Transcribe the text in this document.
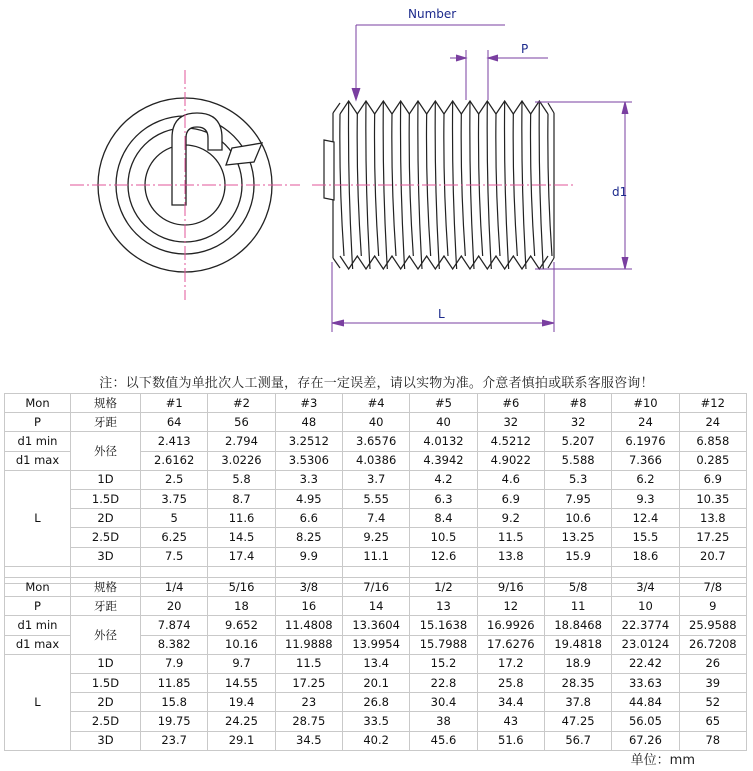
Number
P
d1
L
注：以下数值为单批次人工测量，存在一定误差，请以实物为准。介意者慎拍或联系客服咨询！
Mon	规格	#1	#2	#3	#4	#5	#6	#8	#10	#12
P	牙距	64	56	48	40	40	32	32	24	24
d1 min	外径	2.413	2.794	3.2512	3.6576	4.0132	4.5212	5.207	6.1976	6.858
d1 max		2.6162	3.0226	3.5306	4.0386	4.3942	4.9022	5.588	7.366	0.285
L	1D	2.5	5.8	3.3	3.7	4.2	4.6	5.3	6.2	6.9
	1.5D	3.75	8.7	4.95	5.55	6.3	6.9	7.95	9.3	10.35
	2D	5	11.6	6.6	7.4	8.4	9.2	10.6	12.4	13.8
	2.5D	6.25	14.5	8.25	9.25	10.5	11.5	13.25	15.5	17.25
	3D	7.5	17.4	9.9	11.1	12.6	13.8	15.9	18.6	20.7

Mon	规格	1/4	5/16	3/8	7/16	1/2	9/16	5/8	3/4	7/8
P	牙距	20	18	16	14	13	12	11	10	9
d1 min	外径	7.874	9.652	11.4808	13.3604	15.1638	16.9926	18.8468	22.3774	25.9588
d1 max		8.382	10.16	11.9888	13.9954	15.7988	17.6276	19.4818	23.0124	26.7208
L	1D	7.9	9.7	11.5	13.4	15.2	17.2	18.9	22.42	26
	1.5D	11.85	14.55	17.25	20.1	22.8	25.8	28.35	33.63	39
	2D	15.8	19.4	23	26.8	30.4	34.4	37.8	44.84	52
	2.5D	19.75	24.25	28.75	33.5	38	43	47.25	56.05	65
	3D	23.7	29.1	34.5	40.2	45.6	51.6	56.7	67.26	78
单位：mm
